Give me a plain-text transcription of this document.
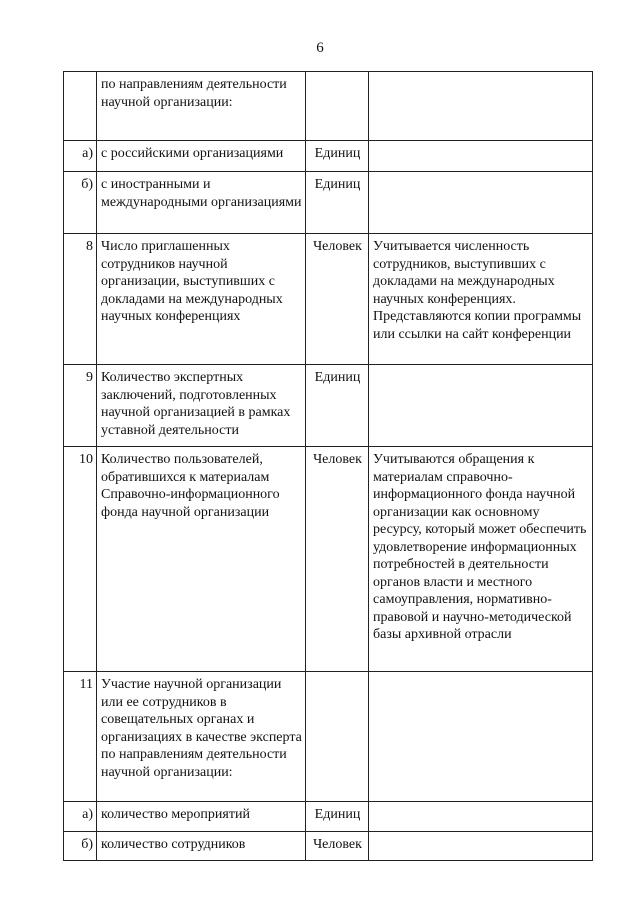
6
	по направлениям деятельности научной организации:		
а)	с российскими организациями	Единиц	
б)	с иностранными и международными организациями	Единиц	
8	Число приглашенных сотрудников научной организации, выступивших с докладами на международных научных конференциях	Человек	Учитывается численность сотрудников, выступивших с докладами на международных научных конференциях. Представляются копии программы или ссылки на сайт конференции
9	Количество экспертных заключений, подготовленных научной организацией в рамках уставной деятельности	Единиц	
10	Количество пользователей, обратившихся к материалам Справочно-информационного фонда научной организации	Человек	Учитываются обращения к материалам справочно-информационного фонда научной организации как основному ресурсу, который может обеспечить удовлетворение информационных потребностей в деятельности органов власти и местного самоуправления, нормативно-правовой и научно-методической базы архивной отрасли
11	Участие научной организации или ее сотрудников в совещательных органах и организациях в качестве эксперта по направлениям деятельности научной организации:		
а)	количество мероприятий	Единиц	
б)	количество сотрудников	Человек	
